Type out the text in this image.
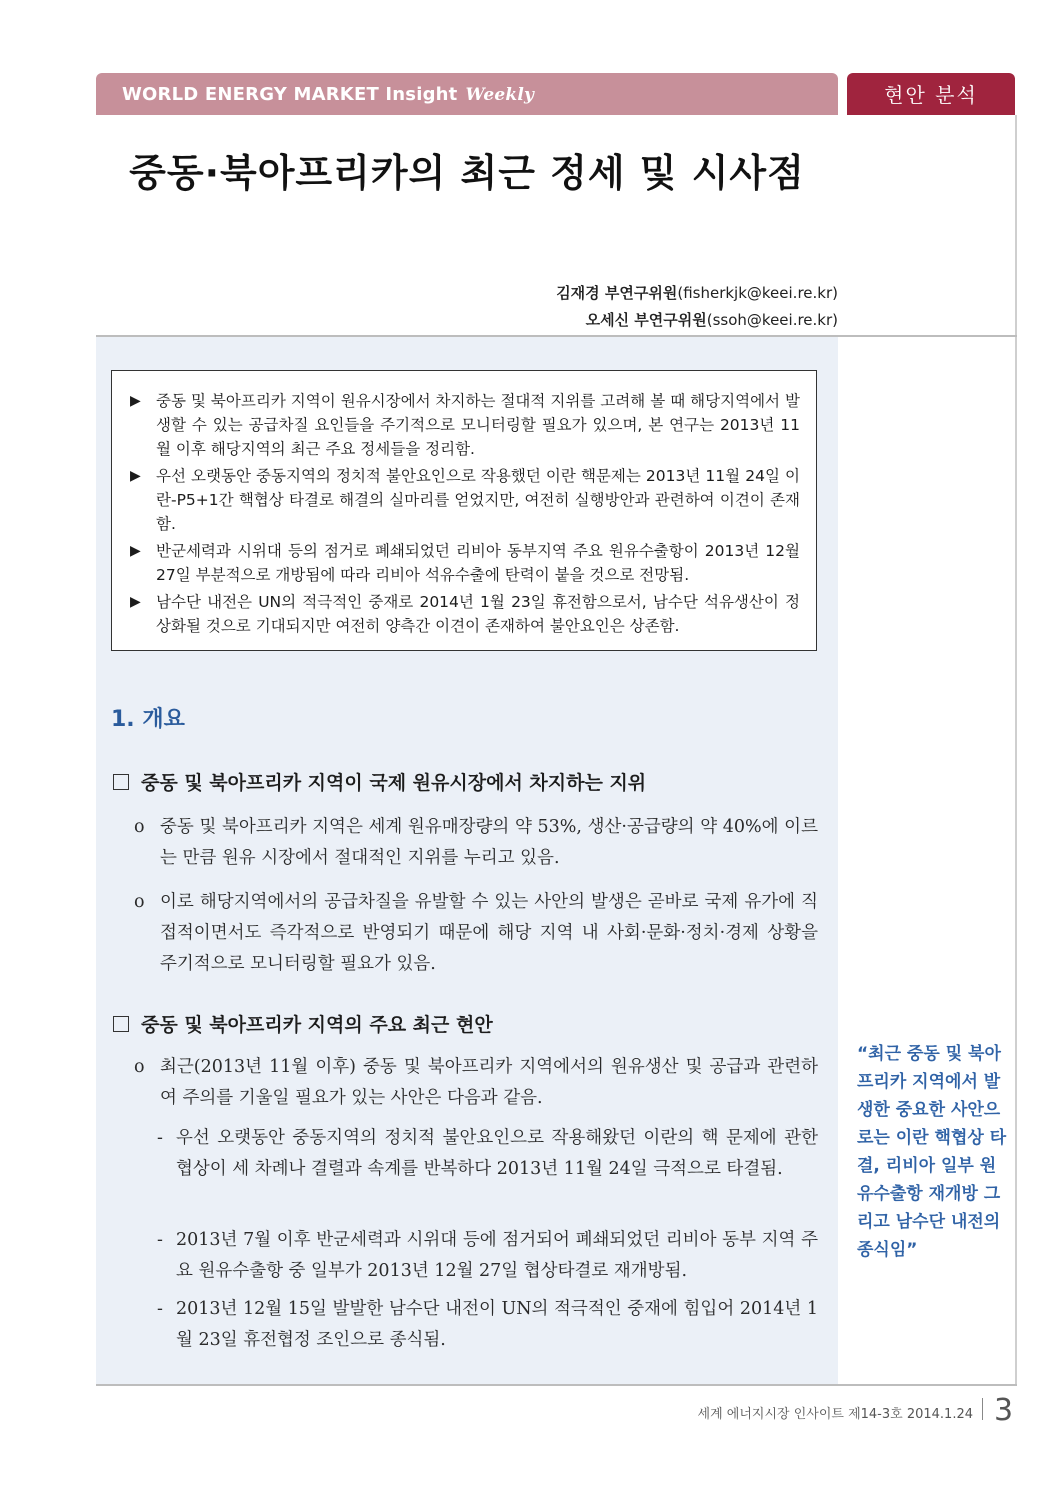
WORLD ENERGY MARKET Insight Weekly	현안 분석
중동·북아프리카의 최근 정세 및 시사점
김재경 부연구위원(fisherkjk@keei.re.kr)
오세신 부연구위원(ssoh@keei.re.kr)
▶ 중동 및 북아프리카 지역이 원유시장에서 차지하는 절대적 지위를 고려해 볼 때 해당지역에서 발생할 수 있는 공급차질 요인들을 주기적으로 모니터링할 필요가 있으며, 본 연구는 2013년 11월 이후 해당지역의 최근 주요 정세들을 정리함.
▶ 우선 오랫동안 중동지역의 정치적 불안요인으로 작용했던 이란 핵문제는 2013년 11월 24일 이란-P5+1간 핵협상 타결로 해결의 실마리를 얻었지만, 여전히 실행방안과 관련하여 이견이 존재함.
▶ 반군세력과 시위대 등의 점거로 폐쇄되었던 리비아 동부지역 주요 원유수출항이 2013년 12월 27일 부분적으로 개방됨에 따라 리비아 석유수출에 탄력이 붙을 것으로 전망됨.
▶ 남수단 내전은 UN의 적극적인 중재로 2014년 1월 23일 휴전함으로서, 남수단 석유생산이 정상화될 것으로 기대되지만 여전히 양측간 이견이 존재하여 불안요인은 상존함.
1. 개요
중동 및 북아프리카 지역이 국제 원유시장에서 차지하는 지위
o 중동 및 북아프리카 지역은 세계 원유매장량의 약 53%, 생산·공급량의 약 40%에 이르는 만큼 원유 시장에서 절대적인 지위를 누리고 있음.
o 이로 해당지역에서의 공급차질을 유발할 수 있는 사안의 발생은 곧바로 국제 유가에 직접적이면서도 즉각적으로 반영되기 때문에 해당 지역 내 사회·문화·정치·경제 상황을 주기적으로 모니터링할 필요가 있음.
중동 및 북아프리카 지역의 주요 최근 현안
o 최근(2013년 11월 이후) 중동 및 북아프리카 지역에서의 원유생산 및 공급과 관련하여 주의를 기울일 필요가 있는 사안은 다음과 같음.
- 우선 오랫동안 중동지역의 정치적 불안요인으로 작용해왔던 이란의 핵 문제에 관한 협상이 세 차례나 결렬과 속계를 반복하다 2013년 11월 24일 극적으로 타결됨.
- 2013년 7월 이후 반군세력과 시위대 등에 점거되어 폐쇄되었던 리비아 동부 지역 주요 원유수출항 중 일부가 2013년 12월 27일 협상타결로 재개방됨.
- 2013년 12월 15일 발발한 남수단 내전이 UN의 적극적인 중재에 힘입어 2014년 1월 23일 휴전협정 조인으로 종식됨.
“최근 중동 및 북아프리카 지역에서 발생한 중요한 사안으로는 이란 핵협상 타결, 리비아 일부 원유수출항 재개방 그리고 남수단 내전의 종식임”
세계 에너지시장 인사이트 제14-3호 2014.1.24 3
